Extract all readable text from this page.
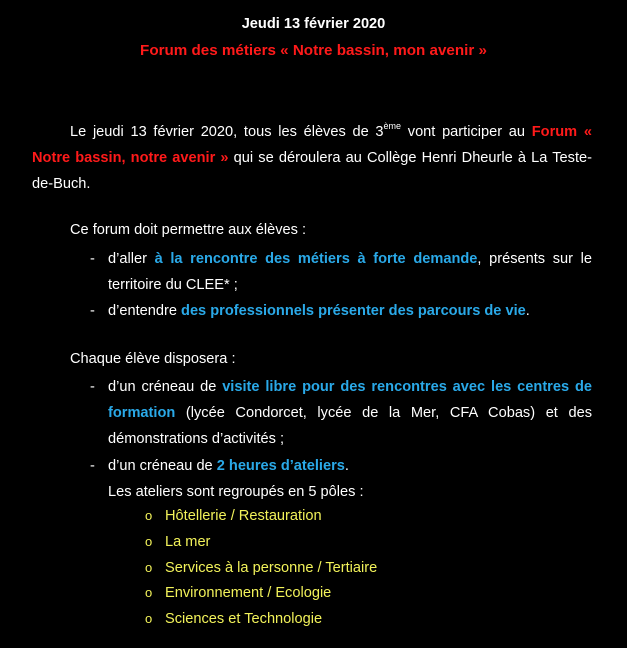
Jeudi 13 février 2020
Forum des métiers « Notre bassin, mon avenir »
Le jeudi 13 février 2020, tous les élèves de 3ème vont participer au Forum « Notre bassin, notre avenir » qui se déroulera au Collège Henri Dheurle à La Teste-de-Buch.
Ce forum doit permettre aux élèves :
- d’aller à la rencontre des métiers à forte demande, présents sur le territoire du CLEE* ;
- d’entendre des professionnels présenter des parcours de vie.
Chaque élève disposera :
- d’un créneau de visite libre pour des rencontres avec les centres de formation (lycée Condorcet, lycée de la Mer, CFA Cobas) et des démonstrations d’activités ;
- d’un créneau de 2 heures d’ateliers.
Les ateliers sont regroupés en 5 pôles :
o Hôtellerie / Restauration
o La mer
o Services à la personne / Tertiaire
o Environnement / Ecologie
o Sciences et Technologie
